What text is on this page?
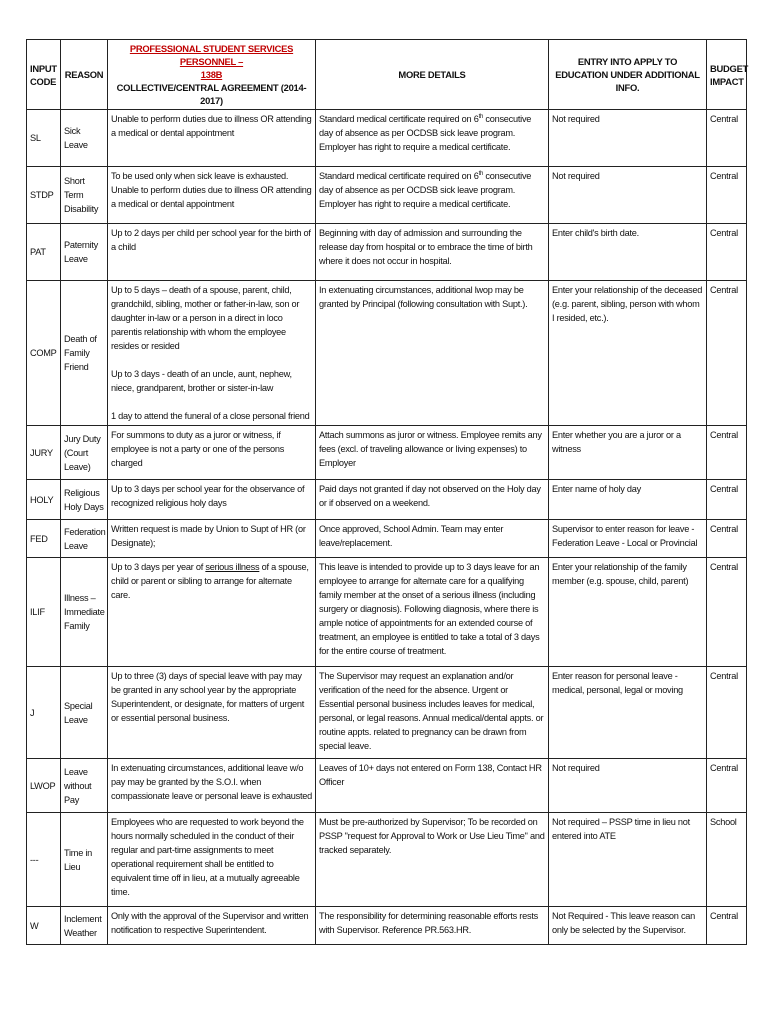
INPUT CODE	REASON	PROFESSIONAL STUDENT SERVICES PERSONNEL –
138B
COLLECTIVE/CENTRAL AGREEMENT (2014-2017)	MORE DETAILS	ENTRY INTO APPLY TO EDUCATION UNDER ADDITIONAL INFO.	BUDGET IMPACT
SL	Sick Leave	Unable to perform duties due to illness OR attending a medical or dental appointment	Standard medical certificate required on 6th consecutive day of absence as per OCDSB sick leave program. Employer has right to require a medical certificate.	Not required	Central
STDP	Short Term Disability	To be used only when sick leave is exhausted. Unable to perform duties due to illness OR attending a medical or dental appointment	Standard medical certificate required on 6th consecutive day of absence as per OCDSB sick leave program. Employer has right to require a medical certificate.	Not required	Central
PAT	Paternity Leave	Up to 2 days per child per school year for the birth of a child	Beginning with day of admission and surrounding the release day from hospital or to embrace the time of birth where it does not occur in hospital.	Enter child's birth date.	Central
COMP	Death of Family Friend	Up to 5 days – death of a spouse, parent, child, grandchild, sibling, mother or father-in-law, son or daughter in-law or a person in a direct in loco parentis relationship with whom the employee resides or resided
Up to 3 days - death of an uncle, aunt, nephew, niece, grandparent, brother or sister-in-law
1 day to attend the funeral of a close personal friend	In extenuating circumstances, additional lwop may be granted by Principal (following consultation with Supt.).	Enter your relationship of the deceased (e.g. parent, sibling, person with whom I resided, etc.).	Central
JURY	Jury Duty (Court Leave)	For summons to duty as a juror or witness, if employee is not a party or one of the persons charged	Attach summons as juror or witness. Employee remits any fees (excl. of traveling allowance or living expenses) to Employer	Enter whether you are a juror or a witness	Central
HOLY	Religious Holy Days	Up to 3 days per school year for the observance of recognized religious holy days	Paid days not granted if day not observed on the Holy day or if observed on a weekend.	Enter name of holy day	Central
FED	Federation Leave	Written request is made by Union to Supt of HR (or Designate);	Once approved, School Admin. Team may enter leave/replacement.	Supervisor to enter reason for leave - Federation Leave - Local or Provincial	Central
ILIF	Illness – Immediate Family	Up to 3 days per year of serious illness of a spouse, child or parent or sibling to arrange for alternate care.	This leave is intended to provide up to 3 days leave for an employee to arrange for alternate care for a qualifying family member at the onset of a serious illness (including surgery or diagnosis). Following diagnosis, where there is ample notice of appointments for an extended course of treatment, an employee is entitled to take a total of 3 days for the entire course of treatment.	Enter your relationship of the family member (e.g. spouse, child, parent)	Central
J	Special Leave	Up to three (3) days of special leave with pay may be granted in any school year by the appropriate Superintendent, or designate, for matters of urgent or essential personal business.	The Supervisor may request an explanation and/or verification of the need for the absence. Urgent or Essential personal business includes leaves for medical, personal, or legal reasons. Annual medical/dental appts. or routine appts. related to pregnancy can be drawn from special leave.	Enter reason for personal leave - medical, personal, legal or moving	Central
LWOP	Leave without Pay	In extenuating circumstances, additional leave w/o pay may be granted by the S.O.I. when compassionate leave or personal leave is exhausted	Leaves of 10+ days not entered on Form 138, Contact HR Officer	Not required	Central
---	Time in Lieu	Employees who are requested to work beyond the hours normally scheduled in the conduct of their regular and part-time assignments to meet operational requirement shall be entitled to equivalent time off in lieu, at a mutually agreeable time.	Must be pre-authorized by Supervisor; To be recorded on PSSP "request for Approval to Work or Use Lieu Time" and tracked separately.	Not required – PSSP time in lieu not entered into ATE	School
W	Inclement Weather	Only with the approval of the Supervisor and written notification to respective Superintendent.	The responsibility for determining reasonable efforts rests with Supervisor. Reference PR.563.HR.	Not Required - This leave reason can only be selected by the Supervisor.	Central
